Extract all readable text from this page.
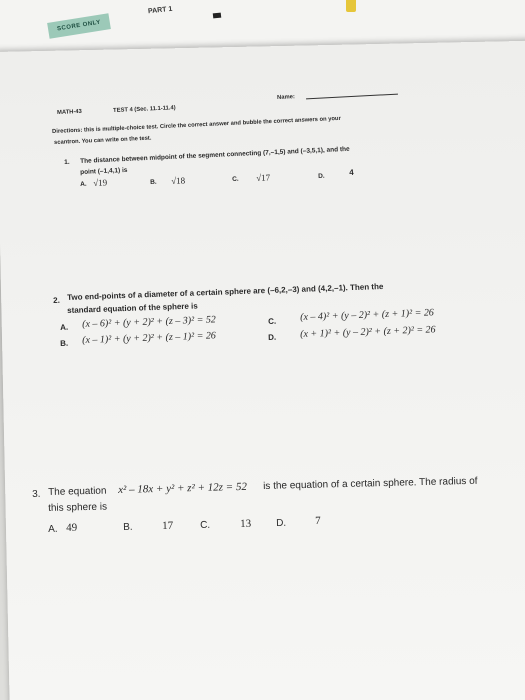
SCORE ONLY
PART 1
MATH-43	TEST 4 (Sec. 11.1-11.4)
Name:
Directions: this is multiple-choice test. Circle the correct answer and bubble the correct answers on your
scantron. You can write on the test.
1. The distance between midpoint of the segment connecting (7,–1,5) and (–3,5,1), and the
point (–1,4,1) is
A. √19	B. √18	C. √17	D.	4
2. Two end-points of a diameter of a certain sphere are (–6,2,–3) and (4,2,–1). Then the
standard equation of the sphere is
A. (x – 6)² + (y + 2)² + (z – 3)² = 52
B. (x – 1)² + (y + 2)² + (z – 1)² = 26
C. (x – 4)² + (y – 2)² + (z + 1)² = 26
D. (x + 1)² + (y – 2)² + (z + 2)² = 26
3. The equation x² – 18x + y² + z² + 12z = 52 is the equation of a certain sphere. The radius of
this sphere is
A. 49	B.	17	C.	13 D.	7
